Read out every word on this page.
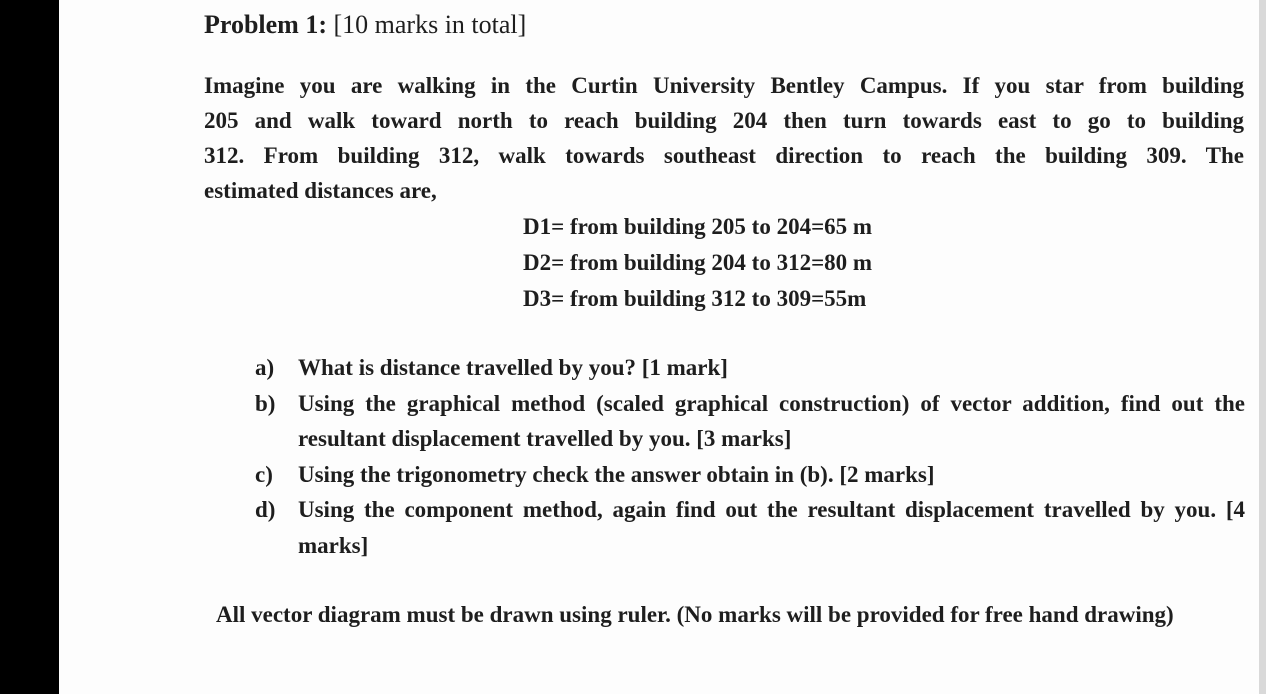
Problem 1: [10 marks in total]
Imagine you are walking in the Curtin University Bentley Campus. If you star from building
205 and walk toward north to reach building 204 then turn towards east to go to building
312. From building 312, walk towards southeast direction to reach the building 309. The
estimated distances are,
D1= from building 205 to 204=65 m
D2= from building 204 to 312=80 m
D3= from building 312 to 309=55m
a) What is distance travelled by you? [1 mark]
b) Using the graphical method (scaled graphical construction) of vector addition, find out the resultant displacement travelled by you. [3 marks]
c) Using the trigonometry check the answer obtain in (b). [2 marks]
d) Using the component method, again find out the resultant displacement travelled by you. [4 marks]
All vector diagram must be drawn using ruler. (No marks will be provided for free hand drawing)
